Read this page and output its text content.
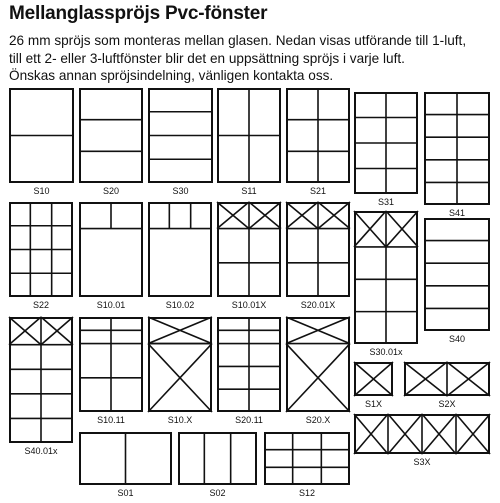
Mellanglasspröjs Pvc-fönster
26 mm spröjs som monteras mellan glasen. Nedan visas utförande till 1-luft,
till ett 2- eller 3-luftfönster blir det en uppsättning spröjs i varje luft.
Önskas annan spröjsindelning, vänligen kontakta oss.
S10	S20	S30	S11	S21
S31
S41
S22	S10.01	S10.02	S10.01X	S20.01X
S30.01x
S40
S40.01x
S10.11	S10.X	S20.11	S20.X
S1X	S2X
S3X
S01	S02	S12
